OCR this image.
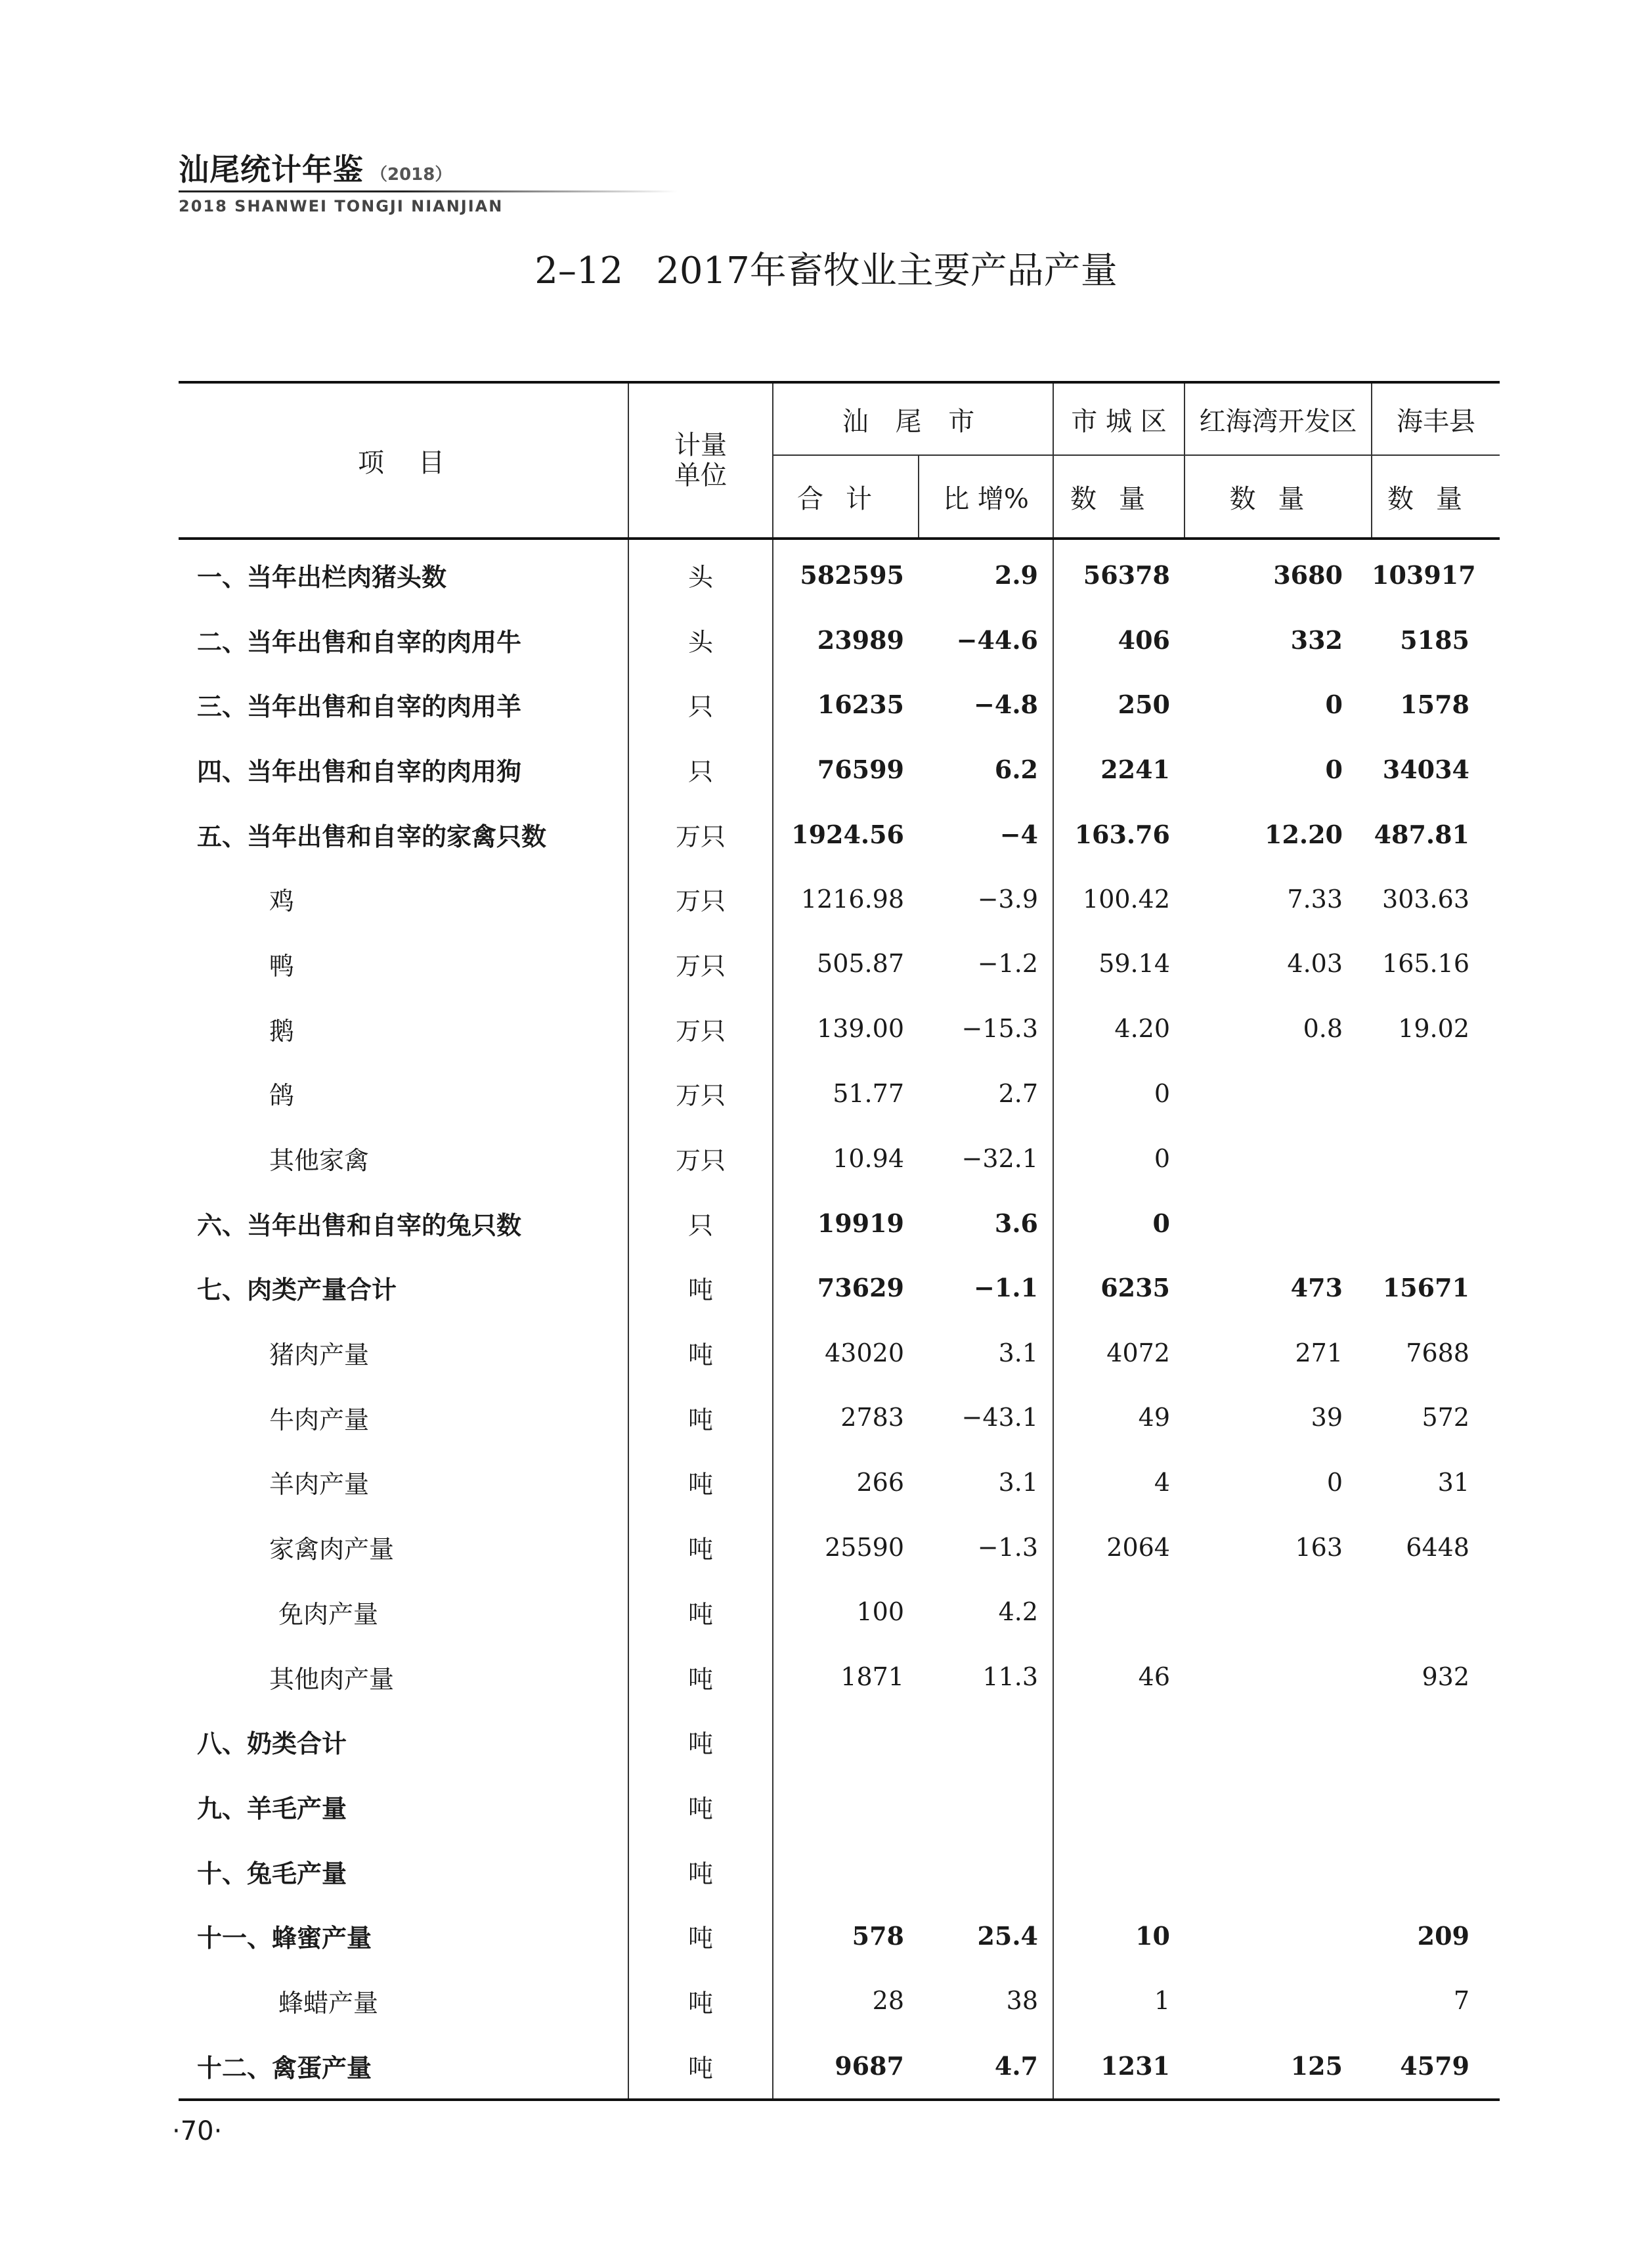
汕尾统计年鉴 （2018）
2018 SHANWEI TONGJI NIANJIAN
2–12 2017年畜牧业主要产品产量
项　目	计量单位	汕 尾 市		市 城 区	红海湾开发区	海丰县
		合计	比 增%	数量	数量	数量
一、当年出栏肉猪头数	头	582595	2.9	56378	3680	103917
二、当年出售和自宰的肉用牛	头	23989	−44.6	406	332	5185
三、当年出售和自宰的肉用羊	只	16235	−4.8	250	0	1578
四、当年出售和自宰的肉用狗	只	76599	6.2	2241	0	34034
五、当年出售和自宰的家禽只数	万只	1924.56	−4	163.76	12.20	487.81
鸡	万只	1216.98	−3.9	100.42	7.33	303.63
鸭	万只	505.87	−1.2	59.14	4.03	165.16
鹅	万只	139.00	−15.3	4.20	0.8	19.02
鸽	万只	51.77	2.7	0		
其他家禽	万只	10.94	−32.1	0		
六、当年出售和自宰的兔只数	只	19919	3.6	0		
七、肉类产量合计	吨	73629	−1.1	6235	473	15671
猪肉产量	吨	43020	3.1	4072	271	7688
牛肉产量	吨	2783	−43.1	49	39	572
羊肉产量	吨	266	3.1	4	0	31
家禽肉产量	吨	25590	−1.3	2064	163	6448
免肉产量	吨	100	4.2			
其他肉产量	吨	1871	11.3	46		932
八、奶类合计	吨					
九、羊毛产量	吨					
十、兔毛产量	吨					
十一、蜂蜜产量	吨	578	25.4	10		209
蜂蜡产量	吨	28	38	1		7
十二、禽蛋产量	吨	9687	4.7	1231	125	4579
·70·
